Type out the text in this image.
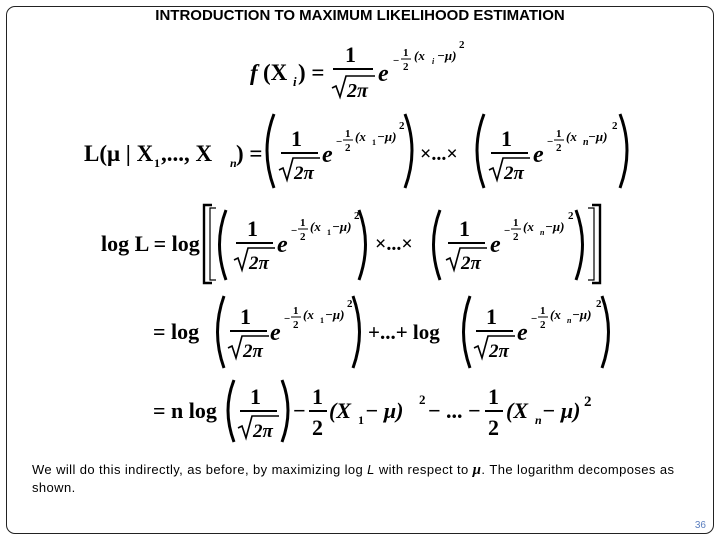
INTRODUCTION TO MAXIMUM LIKELIHOOD ESTIMATION
f (X i ) =
1
2π
e −
1
2
(x i −μ)
2
L(μ | X 1 ,..., X n ) =
1
2π
e −
1
2
(x 1 −μ)
2
×...×
1
2π
e −
1
2
(x n −μ)
2
log L = log
1
2π
e
−
1
2
(x 1 −μ)
2
×...×
1
2π
e
−
1
2
(x n −μ)
2
= log
1
2π
e
−
1
2
(x 1 −μ)
2
+...+ log
1
2π
e
−
1
2
(x n −μ)
2
= n log
1
2π
−
1
2
(X 1 − μ) 2 − ... −
1
2
(X n − μ) 2
We will do this indirectly, as before, by maximizing log L with respect to μ. The logarithm decomposes as shown.
36
